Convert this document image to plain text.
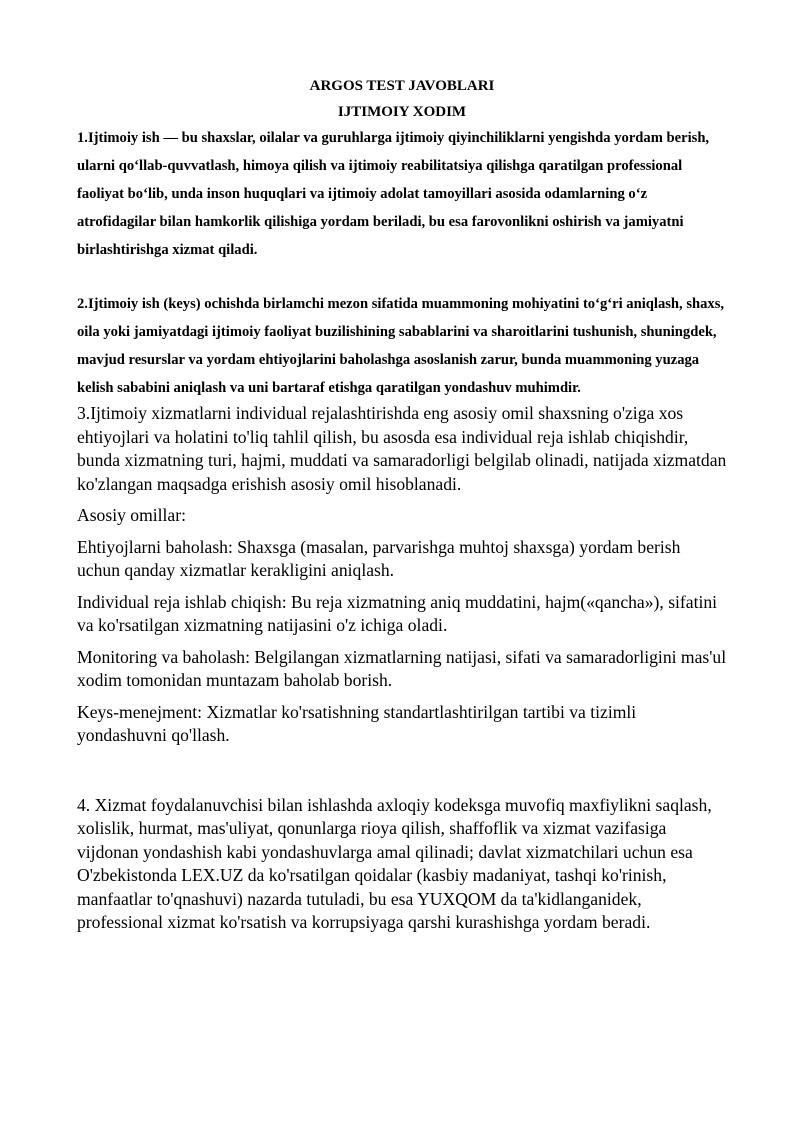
ARGOS TEST JAVOBLARI

IJTIMOIY XODIM

1.Ijtimoiy ish — bu shaxslar, oilalar va guruhlarga ijtimoiy qiyinchiliklarni yengishda yordam berish, ularni qo‘llab-quvvatlash, himoya qilish va ijtimoiy reabilitatsiya qilishga qaratilgan professional faoliyat bo‘lib, unda inson huquqlari va ijtimoiy adolat tamoyillari asosida odamlarning o‘z atrofidagilar bilan hamkorlik qilishiga yordam beriladi, bu esa farovonlikni oshirish va jamiyatni birlashtirishga xizmat qiladi.

2.Ijtimoiy ish (keys) ochishda birlamchi mezon sifatida muammoning mohiyatini to‘g‘ri aniqlash, shaxs, oila yoki jamiyatdagi ijtimoiy faoliyat buzilishining sabablarini va sharoitlarini tushunish, shuningdek, mavjud resurslar va yordam ehtiyojlarini baholashga asoslanish zarur, bunda muammoning yuzaga kelish sababini aniqlash va uni bartaraf etishga qaratilgan yondashuv muhimdir.

3.Ijtimoiy xizmatlarni individual rejalashtirishda eng asosiy omil shaxsning o'ziga xos ehtiyojlari va holatini to'liq tahlil qilish, bu asosda esa individual reja ishlab chiqishdir, bunda xizmatning turi, hajmi, muddati va samaradorligi belgilab olinadi, natijada xizmatdan ko'zlangan maqsadga erishish asosiy omil hisoblanadi.

Asosiy omillar:

Ehtiyojlarni baholash: Shaxsga (masalan, parvarishga muhtoj shaxsga) yordam berish uchun qanday xizmatlar kerakligini aniqlash.

Individual reja ishlab chiqish: Bu reja xizmatning aniq muddatini, hajm(«qancha»), sifatini va ko'rsatilgan xizmatning natijasini o'z ichiga oladi.

Monitoring va baholash: Belgilangan xizmatlarning natijasi, sifati va samaradorligini mas'ul xodim tomonidan muntazam baholab borish.

Keys-menejment: Xizmatlar ko'rsatishning standartlashtirilgan tartibi va tizimli yondashuvni qo'llash.

4. Xizmat foydalanuvchisi bilan ishlashda axloqiy kodeksga muvofiq maxfiylikni saqlash, xolislik, hurmat, mas'uliyat, qonunlarga rioya qilish, shaffoflik va xizmat vazifasiga vijdonan yondashish kabi yondashuvlarga amal qilinadi; davlat xizmatchilari uchun esa O'zbekistonda LEX.UZ da ko'rsatilgan qoidalar (kasbiy madaniyat, tashqi ko'rinish, manfaatlar to'qnashuvi) nazarda tutuladi, bu esa YUXQOM da ta'kidlanganidek, professional xizmat ko'rsatish va korrupsiyaga qarshi kurashishga yordam beradi.
